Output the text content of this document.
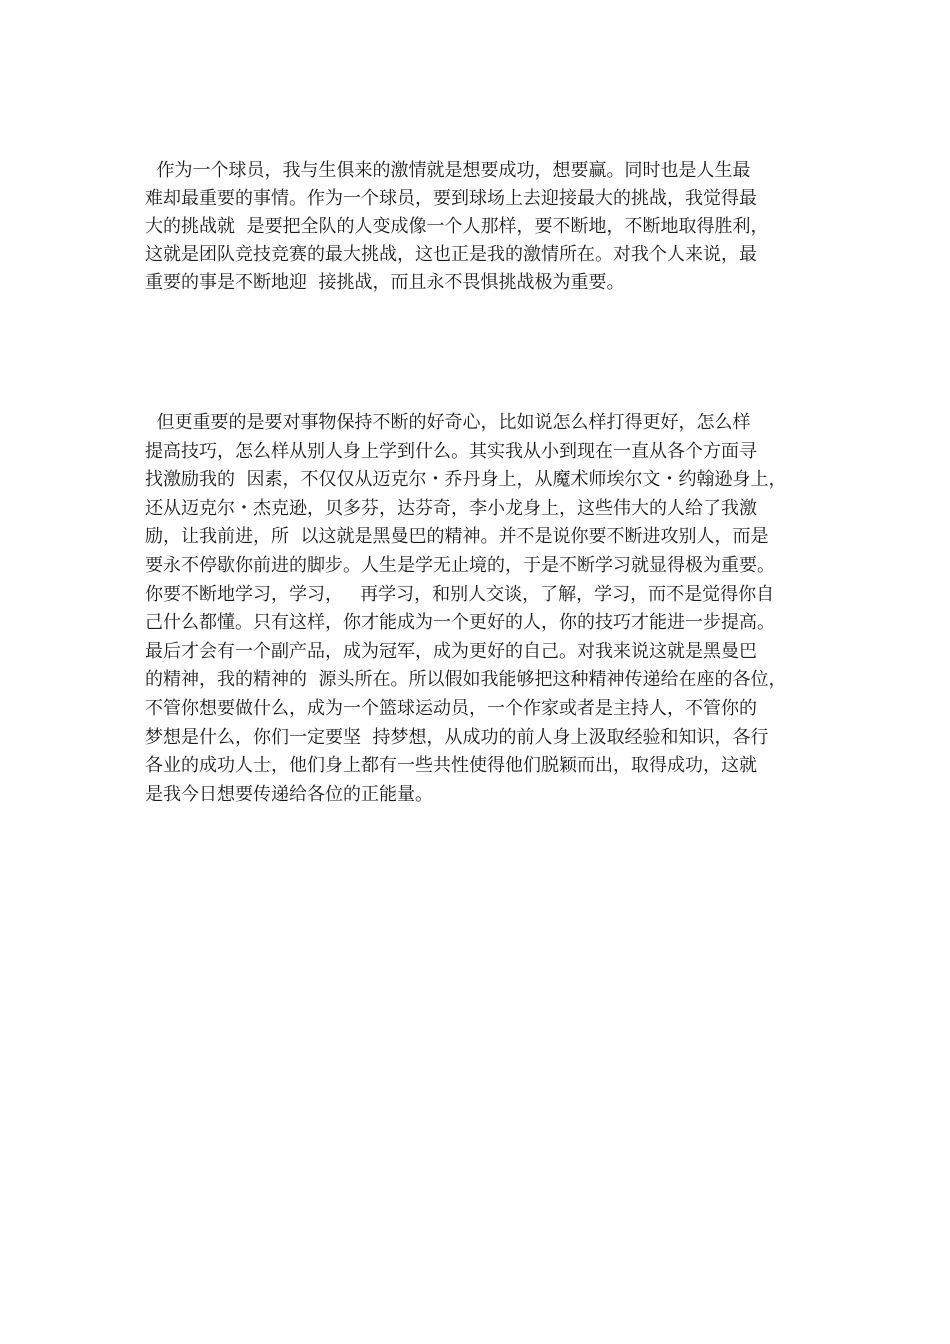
作为一个球员，我与生俱来的激情就是想要成功，想要赢。同时也是人生最
难却最重要的事情。作为一个球员，要到球场上去迎接最大的挑战，我觉得最
大的挑战就  是要把全队的人变成像一个人那样，要不断地，不断地取得胜利，
这就是团队竞技竞赛的最大挑战，这也正是我的激情所在。对我个人来说，最
重要的事是不断地迎  接挑战，而且永不畏惧挑战极为重要。
但更重要的是要对事物保持不断的好奇心，比如说怎么样打得更好，怎么样
提高技巧，怎么样从别人身上学到什么。其实我从小到现在一直从各个方面寻
找激励我的  因素，不仅仅从迈克尔・乔丹身上，从魔术师埃尔文・约翰逊身上，
还从迈克尔・杰克逊，贝多芬，达芬奇，李小龙身上，这些伟大的人给了我激
励，让我前进，所  以这就是黑曼巴的精神。并不是说你要不断进攻别人，而是
要永不停歇你前进的脚步。人生是学无止境的，于是不断学习就显得极为重要。
你要不断地学习，学习，   再学习，和别人交谈，了解，学习，而不是觉得你自
己什么都懂。只有这样，你才能成为一个更好的人，你的技巧才能进一步提高。
最后才会有一个副产品，成为冠军，成为更好的自己。对我来说这就是黑曼巴
的精神，我的精神的  源头所在。所以假如我能够把这种精神传递给在座的各位，
不管你想要做什么，成为一个篮球运动员，一个作家或者是主持人，不管你的
梦想是什么，你们一定要坚  持梦想，从成功的前人身上汲取经验和知识，各行
各业的成功人士，他们身上都有一些共性使得他们脱颖而出，取得成功，这就
是我今日想要传递给各位的正能量。
